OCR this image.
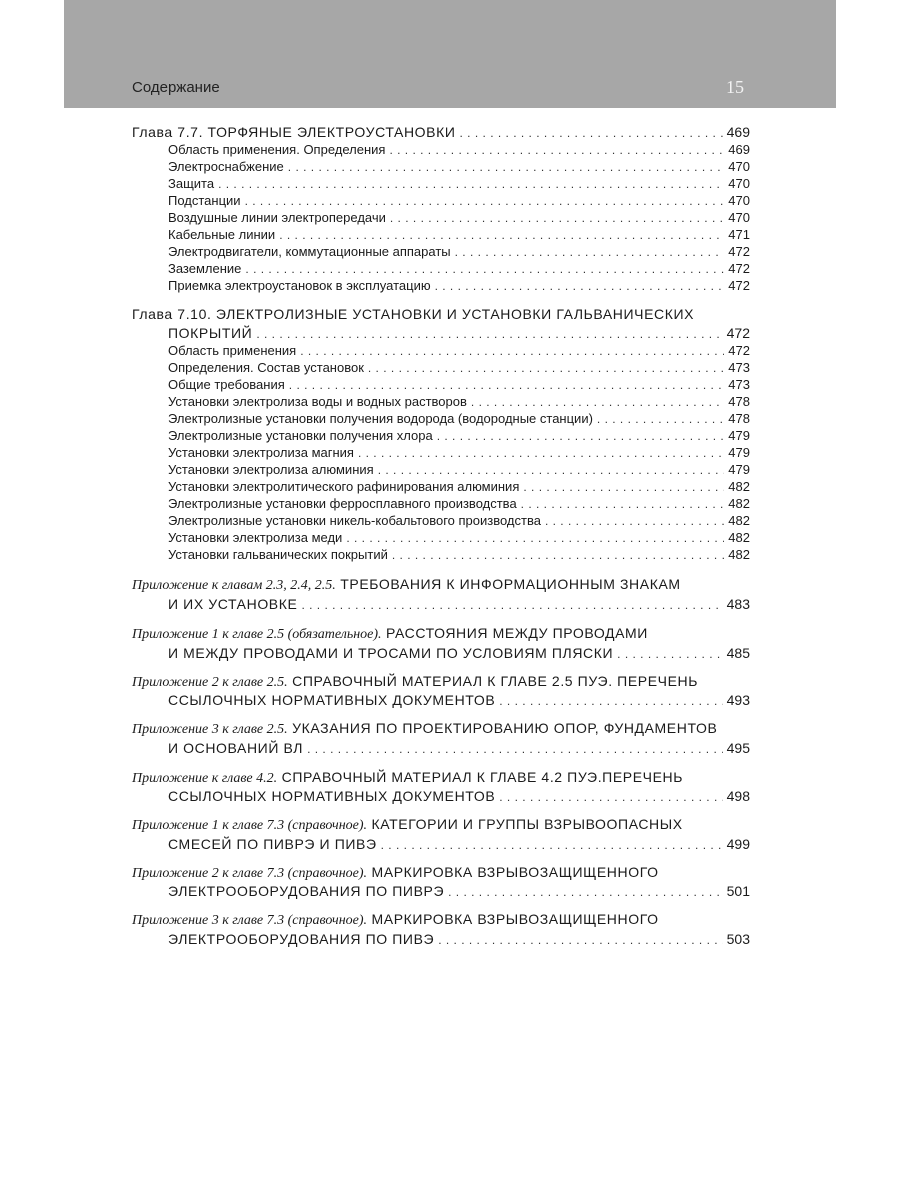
Содержание	15
Глава 7.7. ТОРФЯНЫЕ ЭЛЕКТРОУСТАНОВКИ . . .	469
Область применения. Определения . . .	469
Электроснабжение . . .	470
Защита . . .	470
Подстанции . . .	470
Воздушные линии электропередачи . . .	470
Кабельные линии . . .	471
Электродвигатели, коммутационные аппараты . . .	472
Заземление . . .	472
Приемка электроустановок в эксплуатацию . . .	472
Глава 7.10. ЭЛЕКТРОЛИЗНЫЕ УСТАНОВКИ И УСТАНОВКИ ГАЛЬВАНИЧЕСКИХ
ПОКРЫТИЙ . . .	472
Область применения . . .	472
Определения. Состав установок . . .	473
Общие требования . . .	473
Установки электролиза воды и водных растворов . . .	478
Электролизные установки получения водорода (водородные станции) . . .	478
Электролизные установки получения хлора . . .	479
Установки электролиза магния . . .	479
Установки электролиза алюминия . . .	479
Установки электролитического рафинирования алюминия . . .	482
Электролизные установки ферросплавного производства . . .	482
Электролизные установки никель-кобальтового производства . . .	482
Установки электролиза меди . . .	482
Установки гальванических покрытий . . .	482
Приложение к главам 2.3, 2.4, 2.5. ТРЕБОВАНИЯ К ИНФОРМАЦИОННЫМ ЗНАКАМ
И ИХ УСТАНОВКЕ . . .	483
Приложение 1 к главе 2.5 (обязательное). РАССТОЯНИЯ МЕЖДУ ПРОВОДАМИ
И МЕЖДУ ПРОВОДАМИ И ТРОСАМИ ПО УСЛОВИЯМ ПЛЯСКИ . . .	485
Приложение 2 к главе 2.5. СПРАВОЧНЫЙ МАТЕРИАЛ К ГЛАВЕ 2.5 ПУЭ. ПЕРЕЧЕНЬ
ССЫЛОЧНЫХ НОРМАТИВНЫХ ДОКУМЕНТОВ . . .	493
Приложение 3 к главе 2.5. УКАЗАНИЯ ПО ПРОЕКТИРОВАНИЮ ОПОР, ФУНДАМЕНТОВ
И ОСНОВАНИЙ ВЛ . . .	495
Приложение к главе 4.2. СПРАВОЧНЫЙ МАТЕРИАЛ К ГЛАВЕ 4.2 ПУЭ.ПЕРЕЧЕНЬ
ССЫЛОЧНЫХ НОРМАТИВНЫХ ДОКУМЕНТОВ . . .	498
Приложение 1 к главе 7.3 (справочное). КАТЕГОРИИ И ГРУППЫ ВЗРЫВООПАСНЫХ
СМЕСЕЙ ПО ПИВРЭ И ПИВЭ . . .	499
Приложение 2 к главе 7.3 (справочное). МАРКИРОВКА ВЗРЫВОЗАЩИЩЕННОГО
ЭЛЕКТРООБОРУДОВАНИЯ ПО ПИВРЭ . . .	501
Приложение 3 к главе 7.3 (справочное). МАРКИРОВКА ВЗРЫВОЗАЩИЩЕННОГО
ЭЛЕКТРООБОРУДОВАНИЯ ПО ПИВЭ . . .	503
